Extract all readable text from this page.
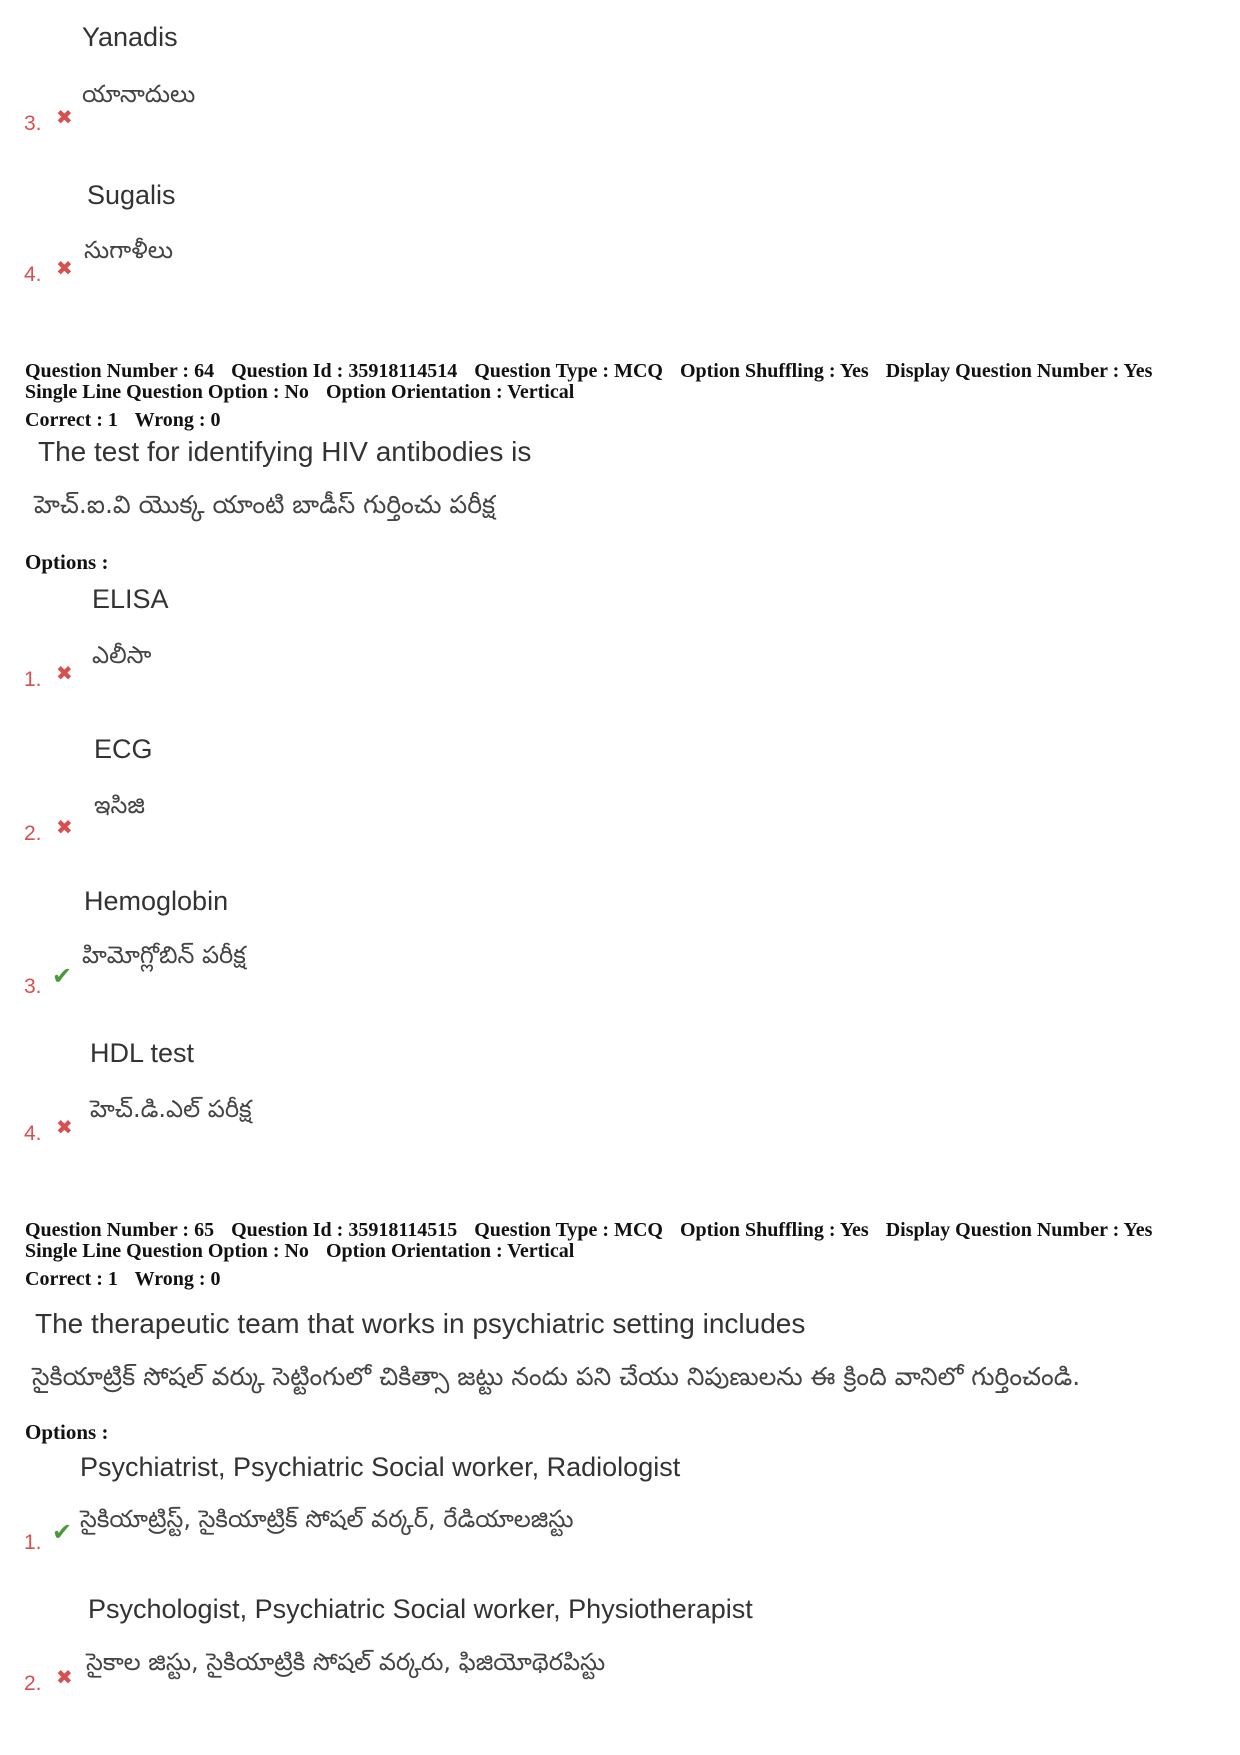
Yanadis
యానాదులు
3. ✖
Sugalis
సుగాళీలు
4. ✖
Question Number : 64 Question Id : 35918114514 Question Type : MCQ Option Shuffling : Yes Display Question Number : Yes
Single Line Question Option : No Option Orientation : Vertical
Correct : 1 Wrong : 0
The test for identifying HIV antibodies is
హెచ్.ఐ.వి యొక్క యాంటి బాడీస్ గుర్తించు పరీక్ష
Options :
ELISA
ఎలీసా
1. ✖
ECG
ఇసిజి
2. ✖
Hemoglobin
హిమోగ్లోబిన్ పరీక్ష
3. ✔
HDL test
హెచ్.డి.ఎల్ పరీక్ష
4. ✖
Question Number : 65 Question Id : 35918114515 Question Type : MCQ Option Shuffling : Yes Display Question Number : Yes
Single Line Question Option : No Option Orientation : Vertical
Correct : 1 Wrong : 0
The therapeutic team that works in psychiatric setting includes
సైకియాట్రిక్ సోషల్ వర్కు సెట్టింగులో చికిత్సా జట్టు నందు పని చేయు నిపుణులను ఈ క్రింది వానిలో గుర్తించండి.
Options :
Psychiatrist, Psychiatric Social worker, Radiologist
సైకియాట్రిస్ట్, సైకియాట్రిక్ సోషల్ వర్కర్, రేడియాలజిస్టు
1. ✔
Psychologist, Psychiatric Social worker, Physiotherapist
సైకాల జిస్టు, సైకియాట్రికి సోషల్ వర్కరు, ఫిజియోథెరపిస్టు
2. ✖
